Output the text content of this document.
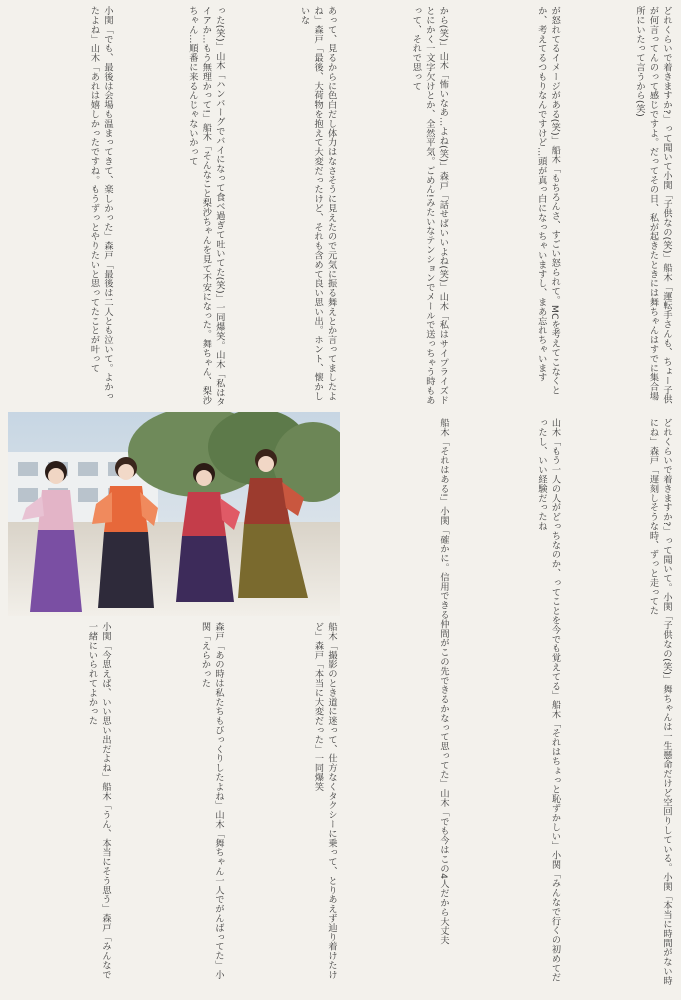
どれくらいで着きますか?」って聞いて小関「子供なの(笑)」船木「運転手さんも、ちょー子供が何言ってんのって感じですよ。だってその日、私が起きたときには舞ちゃんはすでに集合場所にいたって言うから(笑)

が怒れてるイメージがある(笑)」船木「もちろんさ、すごい怒られて。MCを考えてこなくとか、考えてるつもりなんですけど…頭が真っ白になっちゃいますし、まあ忘れちゃいます

から(笑)」山木「怖いなあ…よね(笑)」森戸「話せばいいよね(笑)」山木「私はサイプライズドとにかく一文字欠けとか、全然平気。ごめん!みたいなテンションでメールで送っちゃう時もあって、それで思って

あって、見るからに色白だし体力はなさそうに見えたので元気に振る舞えとか言ってましたよね」森戸「最後、大荷物を抱えて大変だったけど、それも含めて良い思い出。ホント、懐かしいな

った(笑)」山木「ハンバーグでバイになって食べ過ぎて吐いてた(笑)」一同爆笑。山木「私はタイアか…もう無理かって!」船木「そんなこと梨沙ちゃんを見て不安になった。舞ちゃん、梨沙ちゃん…順番に来るんじゃないかって

小関「でも、最後は会場も温まってきて、楽しかった」森戸「最後は二人とも泣いて。よかったよね」山木「あれは嬉しかったですね。もうずっとやりたいと思ってたことが叶って

どれくらいで着きますか?」って聞いて。小関「子供なの(笑)」舞ちゃんは一生懸命だけど空回りしている。小関「本当に時間がない時にね」森戸「遅刻しそうな時、ずっと走ってた

山木「もう一人の人がどっちなのか、ってことを今でも覚えてる」船木「それはちょっと恥ずかしい」小関「みんなで行くの初めてだったし、いい経験だったね

船木「それはある!」小関「確かに。信用できる仲間がこの先できるかなって思ってた」山木「でも今はこの4人だから大丈夫

船木「撮影のとき道に迷って、仕方なくタクシーに乗って、とりあえず辿り着けたけど」森戸「本当に大変だった」一同爆笑

森戸「あの時は私たちもびっくりしたよね」山木「舞ちゃん一人でがんばってた」小関「えらかった

小関「今思えば、いい思い出だよね」船木「うん、本当にそう思う」森戸「みんなで一緒にいられてよかった
